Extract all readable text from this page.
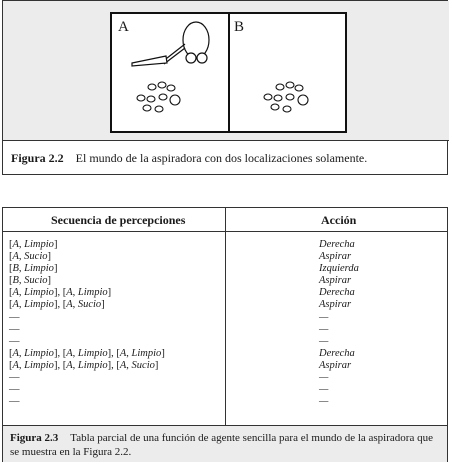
A	B
Figura 2.2 El mundo de la aspiradora con dos localizaciones solamente.
Secuencia de percepciones	Acción
[A, Limpio]	Derecha
[A, Sucio]	Aspirar
[B, Limpio]	Izquierda
[B, Sucio]	Aspirar
[A, Limpio], [A, Limpio]	Derecha
[A, Limpio], [A, Sucio]	Aspirar
—	—
—	—
—	—
[A, Limpio], [A, Limpio], [A, Limpio]	Derecha
[A, Limpio], [A, Limpio], [A, Sucio]	Aspirar
—	—
—	—
—	—
Figura 2.3 Tabla parcial de una función de agente sencilla para el mundo de la aspiradora que se muestra en la Figura 2.2.
